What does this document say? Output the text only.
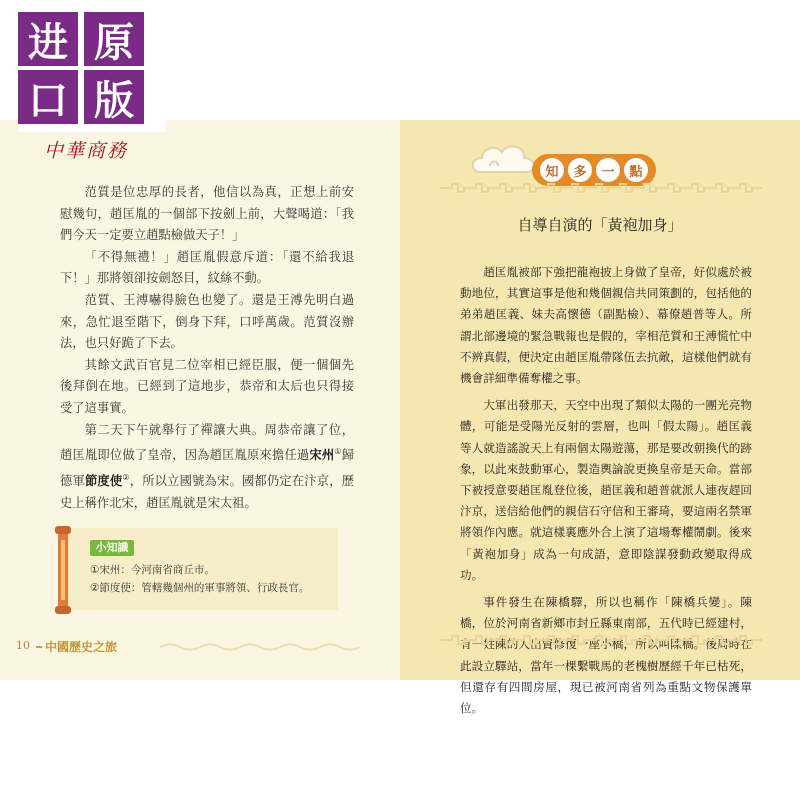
进 原
口 版
中華商務

范質是位忠厚的長者，他信以為真，正想上前安慰幾句，趙匡胤的一個部下按劍上前，大聲喝道：「我們今天一定要立趙點檢做天子！」

「不得無禮！」趙匡胤假意斥道：「還不給我退下！」那將領卻按劍怒目，紋絲不動。

范質、王溥嚇得臉色也變了。還是王溥先明白過來，急忙退至階下，倒身下拜，口呼萬歲。范質沒辦法，也只好跪了下去。

其餘文武百官見二位宰相已經臣服，便一個個先後拜倒在地。已經到了這地步，恭帝和太后也只得接受了這事實。

第二天下午就舉行了禪讓大典。周恭帝讓了位，趙匡胤即位做了皇帝，因為趙匡胤原來擔任過宋州①歸德軍節度使②，所以立國號為宋。國都仍定在汴京，歷史上稱作北宋，趙匡胤就是宋太祖。

小知識
①宋州：今河南省商丘市。
②節度使：管轄幾個州的軍事將領、行政長官。
10 中國歷史之旅
知	多	一	點
自導自演的「黃袍加身」

趙匡胤被部下強把龍袍披上身做了皇帝，好似處於被動地位，其實這事是他和幾個親信共同策劃的，包括他的弟弟趙匡義、妹夫高懷德（副點檢）、幕僚趙普等人。所謂北部邊境的緊急戰報也是假的，宰相范質和王溥慌忙中不辨真假，便決定由趙匡胤帶隊伍去抗敵，這樣他們就有機會詳細準備奪權之事。

大軍出發那天，天空中出現了類似太陽的一團光亮物體，可能是受陽光反射的雲層，也叫「假太陽」。趙匡義等人就造謠說天上有兩個太陽遊蕩，那是要改朝換代的跡象，以此來鼓動軍心，製造輿論說更換皇帝是天命。當部下被授意要趙匡胤登位後，趙匡義和趙普就派人連夜趕回汴京，送信給他們的親信石守信和王審琦，要這兩名禁軍將領作內應。就這樣裏應外合上演了這場奪權鬧劇。後來「黃袍加身」成為一句成語，意即陰謀發動政變取得成功。

事件發生在陳橋驛，所以也稱作「陳橋兵變」。陳橋，位於河南省新鄉市封丘縣東南部，五代時已經建村，有一姓陳的人出資修復一座小橋，所以叫陳橋。後周時在此設立驛站，當年一棵繫戰馬的老槐樹歷經千年已枯死，但還存有四間房屋，現已被河南省列為重點文物保護單位。
